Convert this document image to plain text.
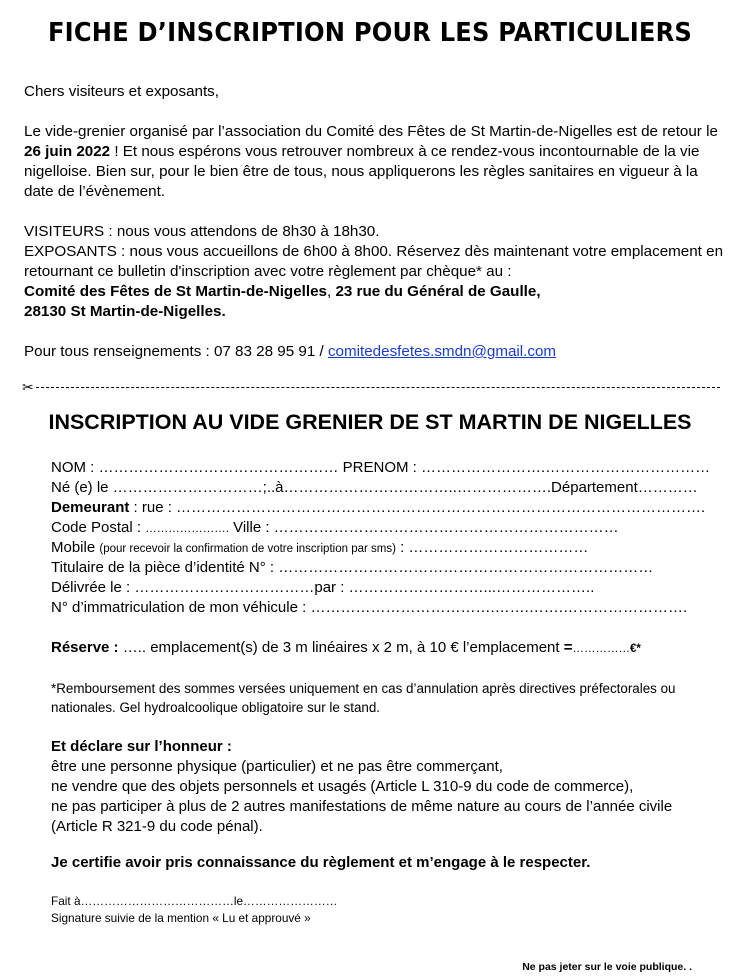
FICHE D’INSCRIPTION POUR LES PARTICULIERS

Chers visiteurs et exposants,

Le vide-grenier organisé par l’association du Comité des Fêtes de St Martin-de-Nigelles est de retour le 26 juin 2022 ! Et nous espérons vous retrouver nombreux à ce rendez-vous incontournable de la vie nigelloise. Bien sur, pour le bien être de tous, nous appliquerons les règles sanitaires en vigueur à la date de l’évènement.

VISITEURS : nous vous attendons de 8h30 à 18h30.

EXPOSANTS : nous vous accueillons de 6h00 à 8h00. Réservez dès maintenant votre emplacement en retournant ce bulletin d'inscription avec votre règlement par chèque* au :

Comité des Fêtes de St Martin-de-Nigelles, 23 rue du Général de Gaulle,
28130 St Martin-de-Nigelles.

Pour tous renseignements : 07 83 28 95 91 / comitedesfetes.smdn@gmail.com

✂
INSCRIPTION AU VIDE GRENIER DE ST MARTIN DE NIGELLES
NOM : ………………………………………… PRENOM : …………………….……………………………
Né (e) le …………………………;..à……………………………..……………….Département…………
Demeurant : rue : …………………………………………………………………………………………….
Code Postal : …………………. Ville : ……………………………………………………………
Mobile (pour recevoir la confirmation de votre inscription par sms) : ………………………………
Titulaire de la pièce d’identité N° : …………………………………………………………………
Délivrée le : ………………………………par : ………………………...………………..
N° d’immatriculation de mon véhicule : ……………………………….…….…….…………………….
Réserve : ….. emplacement(s) de 3 m linéaires x 2 m, à 10 € l’emplacement =……………€*
*Remboursement des sommes versées uniquement en cas d’annulation après directives préfectorales ou nationales. Gel hydroalcoolique obligatoire sur le stand.
Et déclare sur l’honneur :
être une personne physique (particulier) et ne pas être commerçant,
ne vendre que des objets personnels et usagés (Article L 310-9 du code de commerce),
ne pas participer à plus de 2 autres manifestations de même nature au cours de l’année civile (Article R 321-9 du code pénal).
Je certifie avoir pris connaissance du règlement et m’engage à le respecter.
Fait à…………………………………le……………………
Signature suivie de la mention « Lu et approuvé »
Ne pas jeter sur le voie publique. .
